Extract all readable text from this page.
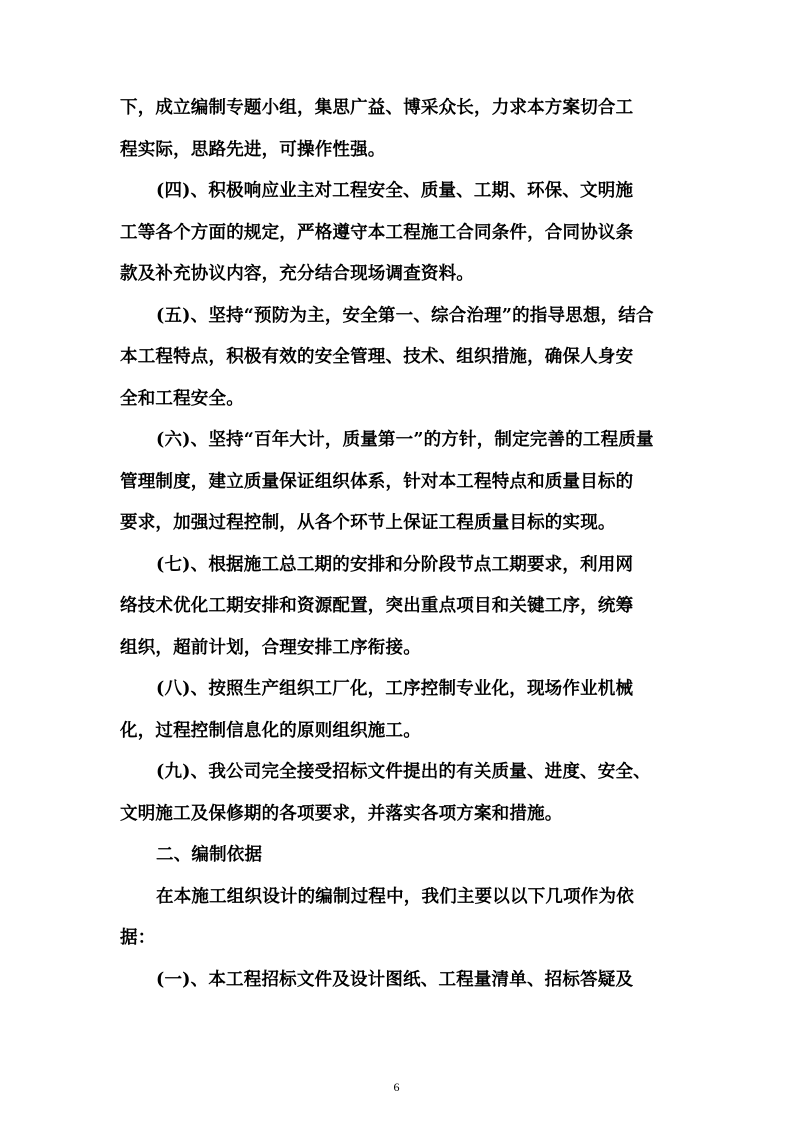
下，成立编制专题小组，集思广益、博采众长，力求本方案切合工
程实际，思路先进，可操作性强。
(四)、积极响应业主对工程安全、质量、工期、环保、文明施
工等各个方面的规定，严格遵守本工程施工合同条件，合同协议条
款及补充协议内容，充分结合现场调查资料。
(五)、坚持“预防为主，安全第一、综合治理”的指导思想，结合
本工程特点，积极有效的安全管理、技术、组织措施，确保人身安
全和工程安全。
(六)、坚持“百年大计，质量第一”的方针，制定完善的工程质量
管理制度，建立质量保证组织体系，针对本工程特点和质量目标的
要求，加强过程控制，从各个环节上保证工程质量目标的实现。
(七)、根据施工总工期的安排和分阶段节点工期要求，利用网
络技术优化工期安排和资源配置，突出重点项目和关键工序，统筹
组织，超前计划，合理安排工序衔接。
(八)、按照生产组织工厂化，工序控制专业化，现场作业机械
化，过程控制信息化的原则组织施工。
(九)、我公司完全接受招标文件提出的有关质量、进度、安全、
文明施工及保修期的各项要求，并落实各项方案和措施。
二、编制依据
在本施工组织设计的编制过程中，我们主要以以下几项作为依
据：
(一)、本工程招标文件及设计图纸、工程量清单、招标答疑及
6
